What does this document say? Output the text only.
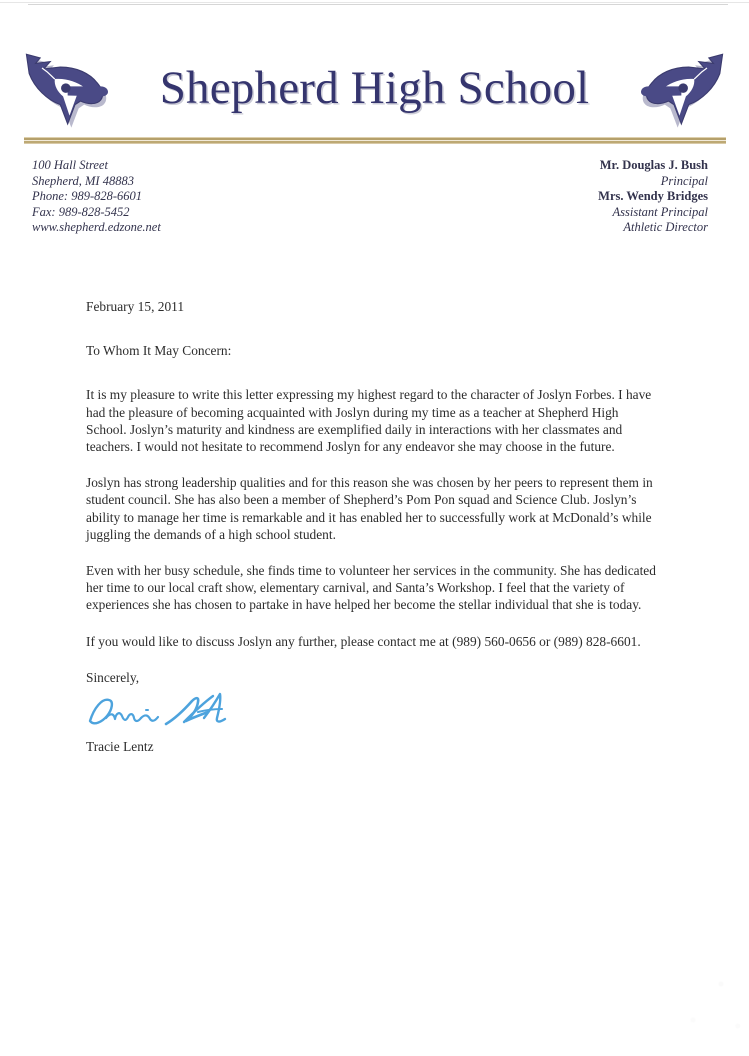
Shepherd High School
100 Hall Street
Shepherd, MI 48883
Phone: 989-828-6601
Fax: 989-828-5452
www.shepherd.edzone.net
Mr. Douglas J. Bush
Principal
Mrs. Wendy Bridges
Assistant Principal
Athletic Director

February 15, 2011

To Whom It May Concern:

It is my pleasure to write this letter expressing my highest regard to the character of Joslyn Forbes. I have had the pleasure of becoming acquainted with Joslyn during my time as a teacher at Shepherd High School. Joslyn’s maturity and kindness are exemplified daily in interactions with her classmates and teachers. I would not hesitate to recommend Joslyn for any endeavor she may choose in the future.

Joslyn has strong leadership qualities and for this reason she was chosen by her peers to represent them in student council. She has also been a member of Shepherd’s Pom Pon squad and Science Club. Joslyn’s ability to manage her time is remarkable and it has enabled her to successfully work at McDonald’s while juggling the demands of a high school student.

Even with her busy schedule, she finds time to volunteer her services in the community. She has dedicated her time to our local craft show, elementary carnival, and Santa’s Workshop. I feel that the variety of experiences she has chosen to partake in have helped her become the stellar individual that she is today.

If you would like to discuss Joslyn any further, please contact me at (989) 560-0656 or (989) 828-6601.

Sincerely,

Tracie Lentz
